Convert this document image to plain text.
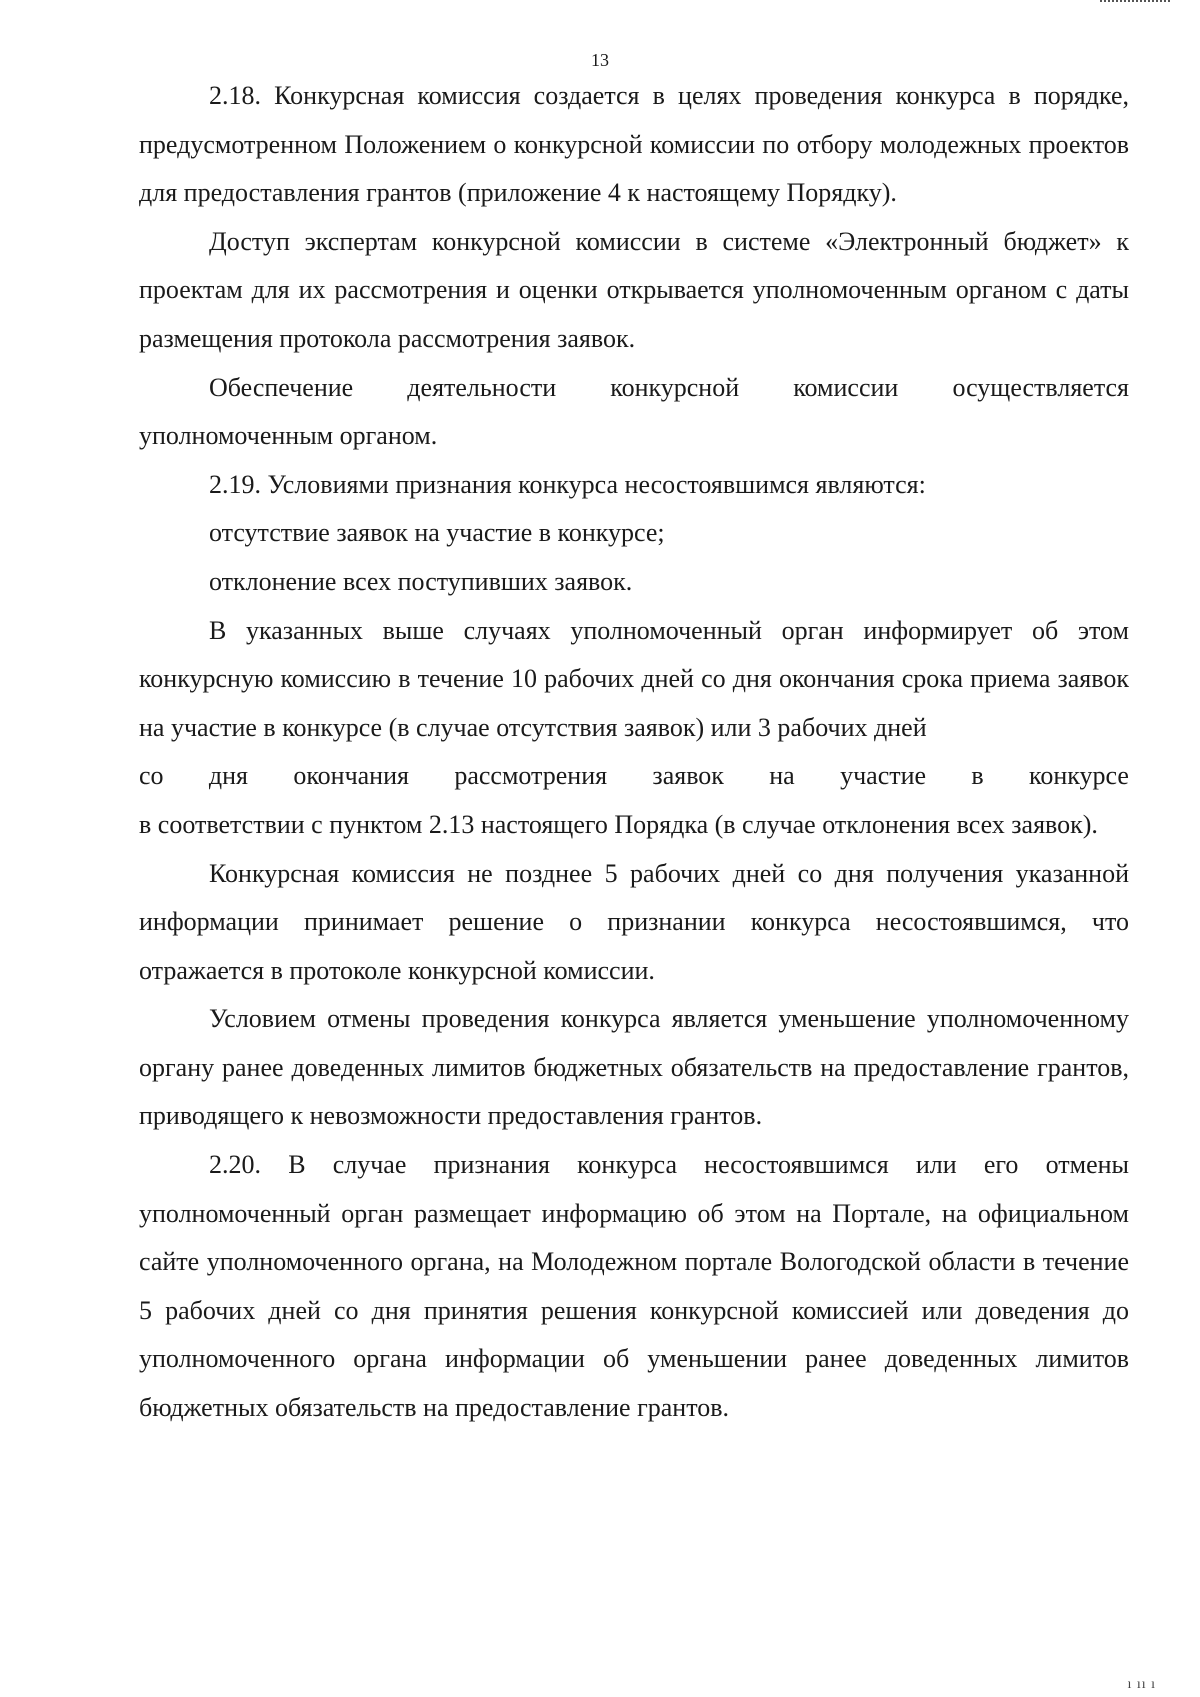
13

2.18. Конкурсная комиссия создается в целях проведения конкурса в порядке, предусмотренном Положением о конкурсной комиссии по отбору молодежных проектов для предоставления грантов (приложение 4 к настоящему Порядку).

Доступ экспертам конкурсной комиссии в системе «Электронный бюджет» к проектам для их рассмотрения и оценки открывается уполномоченным органом с даты размещения протокола рассмотрения заявок.

Обеспечение деятельности конкурсной комиссии осуществляется уполномоченным органом.

2.19. Условиями признания конкурса несостоявшимся являются:

отсутствие заявок на участие в конкурсе;

отклонение всех поступивших заявок.

В указанных выше случаях уполномоченный орган информирует об этом конкурсную комиссию в течение 10 рабочих дней со дня окончания срока приема заявок на участие в конкурсе (в случае отсутствия заявок) или 3 рабочих дней

со дня окончания рассмотрения заявок на участие в конкурсе

в соответствии с пунктом 2.13 настоящего Порядка (в случае отклонения всех заявок).

Конкурсная комиссия не позднее 5 рабочих дней со дня получения указанной информации принимает решение о признании конкурса несостоявшимся, что отражается в протоколе конкурсной комиссии.

Условием отмены проведения конкурса является уменьшение уполномоченному органу ранее доведенных лимитов бюджетных обязательств на предоставление грантов, приводящего к невозможности предоставления грантов.

2.20. В случае признания конкурса несостоявшимся или его отмены уполномоченный орган размещает информацию об этом на Портале, на официальном сайте уполномоченного органа, на Молодежном портале Вологодской области в течение 5 рабочих дней со дня принятия решения конкурсной комиссией или доведения до уполномоченного органа информации об уменьшении ранее доведенных лимитов бюджетных обязательств на предоставление грантов.

ı ıı ı
